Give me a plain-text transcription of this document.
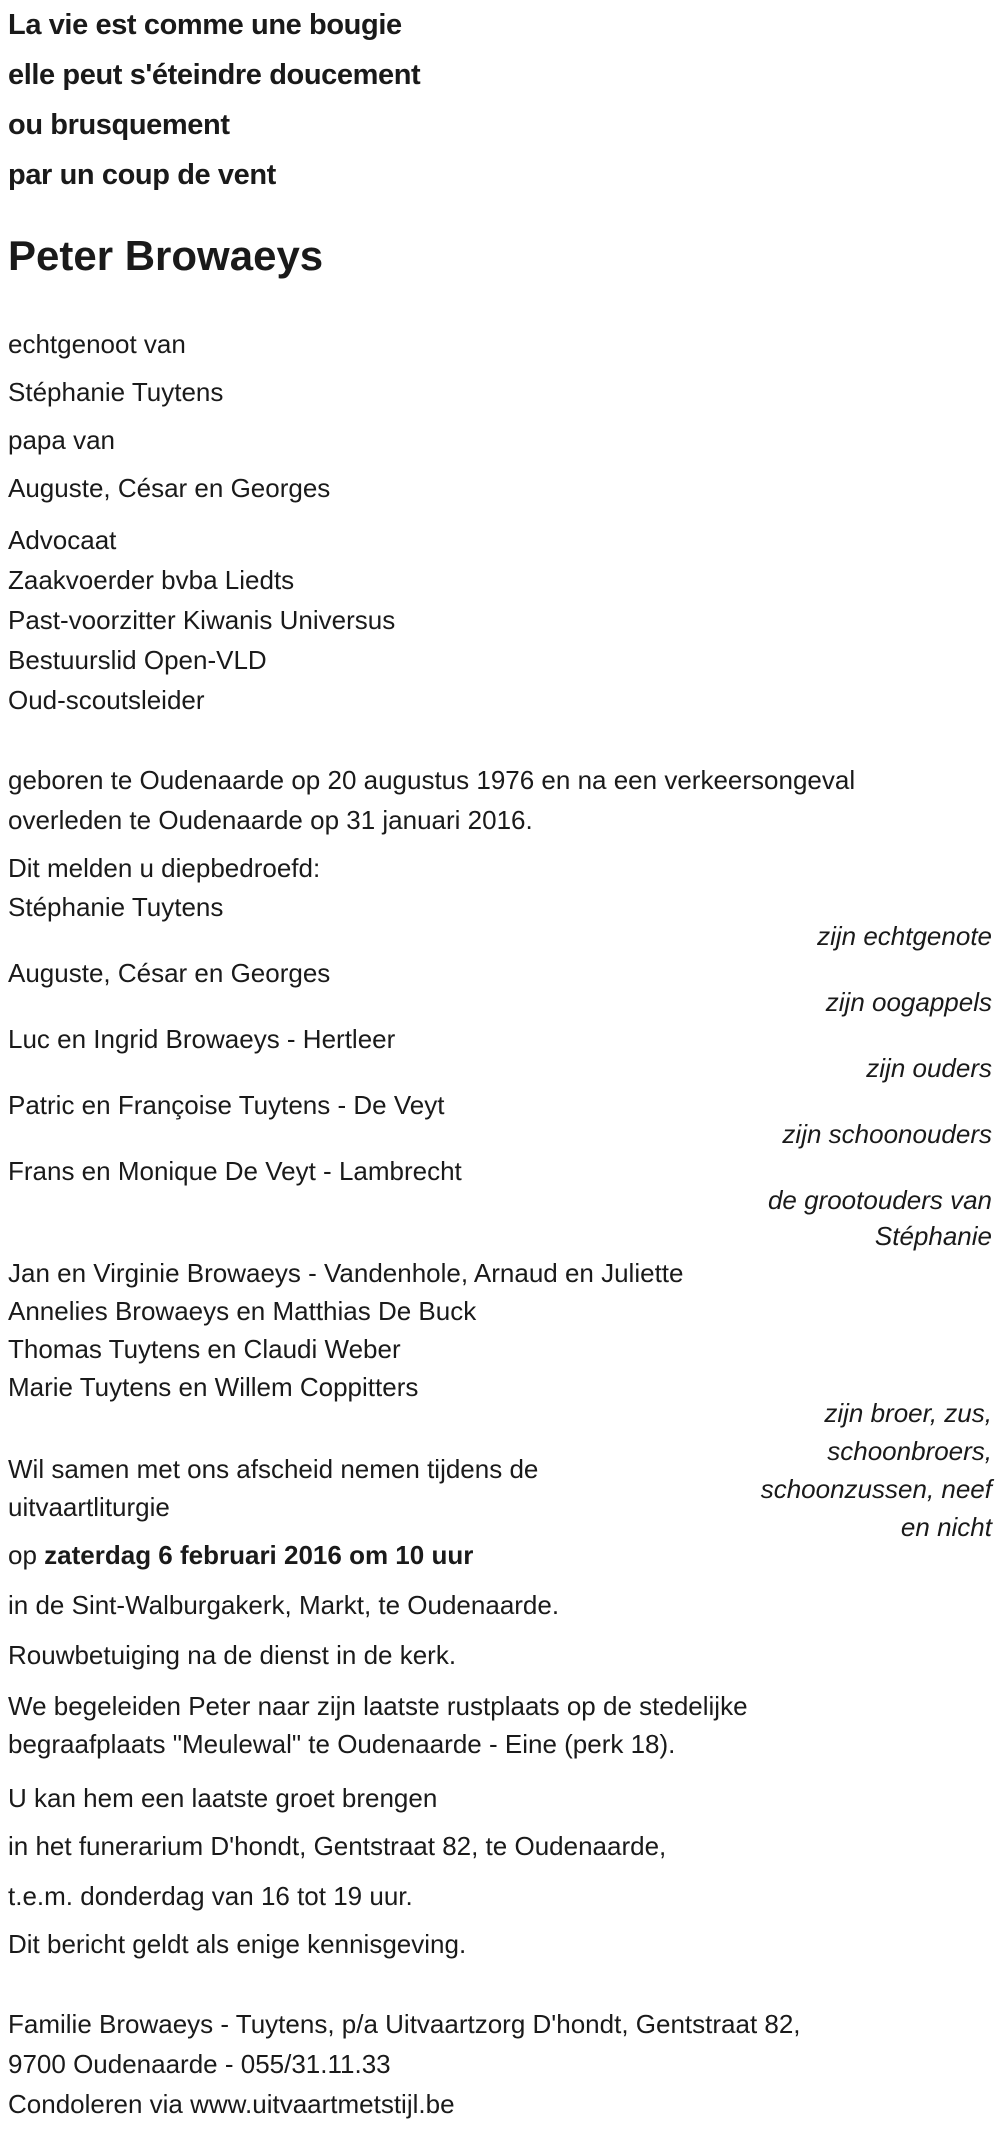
La vie est comme une bougie
elle peut s'éteindre doucement
ou brusquement
par un coup de vent
Peter Browaeys
echtgenoot van
Stéphanie Tuytens
papa van
Auguste, César en Georges
Advocaat
Zaakvoerder bvba Liedts
Past-voorzitter Kiwanis Universus
Bestuurslid Open-VLD
Oud-scoutsleider
geboren te Oudenaarde op 20 augustus 1976 en na een verkeersongeval
overleden te Oudenaarde op 31 januari 2016.
Dit melden u diepbedroefd:
Stéphanie Tuytens
zijn echtgenote
Auguste, César en Georges
zijn oogappels
Luc en Ingrid Browaeys - Hertleer
zijn ouders
Patric en Françoise Tuytens - De Veyt
zijn schoonouders
Frans en Monique De Veyt - Lambrecht
de grootouders van
Stéphanie
Jan en Virginie Browaeys - Vandenhole, Arnaud en Juliette
Annelies Browaeys en Matthias De Buck
Thomas Tuytens en Claudi Weber
Marie Tuytens en Willem Coppitters
zijn broer, zus,
schoonbroers,
schoonzussen, neef
en nicht
Wil samen met ons afscheid nemen tijdens de
uitvaartliturgie
op zaterdag 6 februari 2016 om 10 uur
in de Sint-Walburgakerk, Markt, te Oudenaarde.
Rouwbetuiging na de dienst in de kerk.
We begeleiden Peter naar zijn laatste rustplaats op de stedelijke
begraafplaats "Meulewal" te Oudenaarde - Eine (perk 18).
U kan hem een laatste groet brengen
in het funerarium D'hondt, Gentstraat 82, te Oudenaarde,
t.e.m. donderdag van 16 tot 19 uur.
Dit bericht geldt als enige kennisgeving.
Familie Browaeys - Tuytens, p/a Uitvaartzorg D'hondt, Gentstraat 82,
9700 Oudenaarde - 055/31.11.33
Condoleren via www.uitvaartmetstijl.be
